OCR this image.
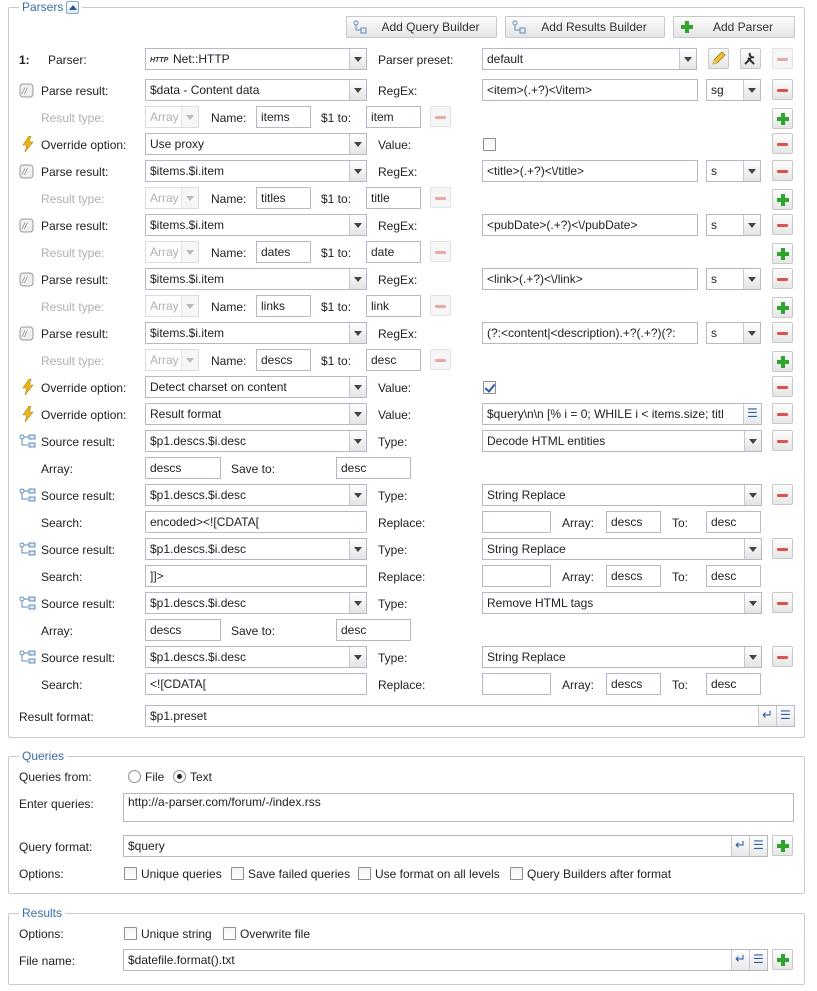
Parsers
Add Query Builder	Add Results Builder	Add Parser
1: Parser:	HTTP Net::HTTP	Parser preset:	default
// Parse result:	$data - Content data	RegEx:	<item>(.+?)<\/item>	sg
Result type:	Array	Name:	items	$1 to:	item
Override option:	Use proxy	Value:
// Parse result:	$items.$i.item	RegEx:	<title>(.+?)<\/title>	s
Result type:	Array	Name:	titles	$1 to:	title
// Parse result:	$items.$i.item	RegEx:	<pubDate>(.+?)<\/pubDate>	s
Result type:	Array	Name:	dates	$1 to:	date
// Parse result:	$items.$i.item	RegEx:	<link>(.+?)<\/link>	s
Result type:	Array	Name:	links	$1 to:	link
// Parse result:	$items.$i.item	RegEx:	(?:<content|<description).+?(.+?)(?:	s
Result type:	Array	Name:	descs	$1 to:	desc
Override option:	Detect charset on content	Value:
Override option:	Result format	Value:	$query\n\n [% i = 0; WHILE i < items.size; titl
☰
Source result:	$p1.descs.$i.desc	Type:	Decode HTML entities
Array:	descs	Save to:	desc
Source result:	$p1.descs.$i.desc	Type:	String Replace
Search:	encoded><![CDATA[	Replace:	Array:	descs	To:	desc
Source result:	$p1.descs.$i.desc	Type:	String Replace
Search:	]]>	Replace:	Array:	descs	To:	desc
Source result:	$p1.descs.$i.desc	Type:	Remove HTML tags
Array:	descs	Save to:	desc
Source result:	$p1.descs.$i.desc	Type:	String Replace
Search:	<![CDATA[	Replace:	Array:	descs	To:	desc
Result format:	$p1.preset
↵
☰
Queries
Queries from:	File Text
Enter queries:	http://a-parser.com/forum/-/index.rss
Query format:	$query
↵
☰
Options:	Unique queries Save failed queries Use format on all levels Query Builders after format
Results
Options:	Unique string Overwrite file
File name:	$datefile.format().txt
↵
☰
